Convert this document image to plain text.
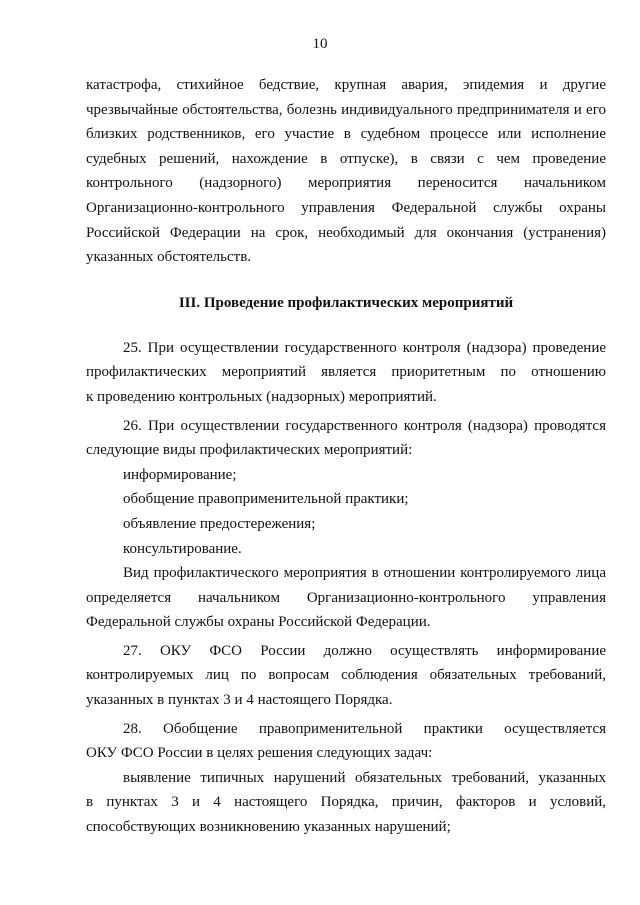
10
катастрофа, стихийное бедствие, крупная авария, эпидемия и другие
чрезвычайные обстоятельства, болезнь индивидуального предпринимателя и его
близких родственников, его участие в судебном процессе или исполнение
судебных решений, нахождение в отпуске), в связи с чем проведение
контрольного (надзорного) мероприятия переносится начальником
Организационно-контрольного управления Федеральной службы охраны
Российской Федерации на срок, необходимый для окончания (устранения)
указанных обстоятельств.
III. Проведение профилактических мероприятий
25. При осуществлении государственного контроля (надзора) проведение
профилактических мероприятий является приоритетным по отношению
к проведению контрольных (надзорных) мероприятий.
26. При осуществлении государственного контроля (надзора) проводятся
следующие виды профилактических мероприятий:
информирование;
обобщение правоприменительной практики;
объявление предостережения;
консультирование.
Вид профилактического мероприятия в отношении контролируемого лица
определяется начальником Организационно-контрольного управления
Федеральной службы охраны Российской Федерации.
27. ОКУ ФСО России должно осуществлять информирование
контролируемых лиц по вопросам соблюдения обязательных требований,
указанных в пунктах 3 и 4 настоящего Порядка.
28. Обобщение правоприменительной практики осуществляется
ОКУ ФСО России в целях решения следующих задач:
выявление типичных нарушений обязательных требований, указанных
в пунктах 3 и 4 настоящего Порядка, причин, факторов и условий,
способствующих возникновению указанных нарушений;
